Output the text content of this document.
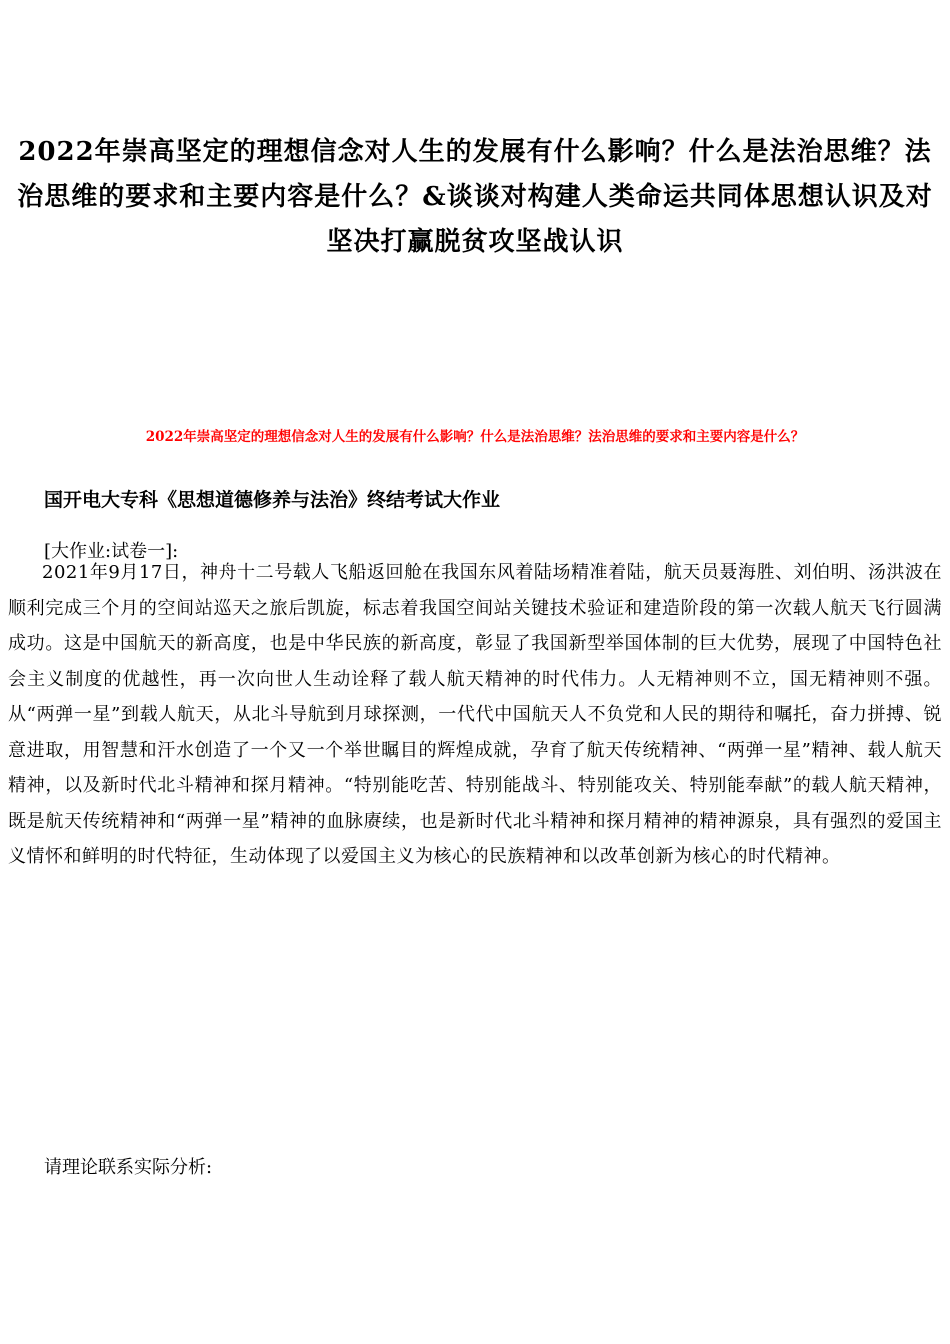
2022年崇高坚定的理想信念对人生的发展有什么影响？什么是法治思维？法治思维的要求和主要内容是什么？&谈谈对构建人类命运共同体思想认识及对坚决打赢脱贫攻坚战认识
2022年崇高坚定的理想信念对人生的发展有什么影响？什么是法治思维？法治思维的要求和主要内容是什么？
国开电大专科《思想道德修养与法治》终结考试大作业
[大作业:试卷一]:
2021年9月17日，神舟十二号载人飞船返回舱在我国东风着陆场精准着陆，航天员聂海胜、刘伯明、汤洪波在顺利完成三个月的空间站巡天之旅后凯旋，标志着我国空间站关键技术验证和建造阶段的第一次载人航天飞行圆满成功。这是中国航天的新高度，也是中华民族的新高度，彰显了我国新型举国体制的巨大优势，展现了中国特色社会主义制度的优越性，再一次向世人生动诠释了载人航天精神的时代伟力。人无精神则不立，国无精神则不强。从“两弹一星”到载人航天，从北斗导航到月球探测，一代代中国航天人不负党和人民的期待和嘱托，奋力拼搏、锐意进取，用智慧和汗水创造了一个又一个举世瞩目的辉煌成就，孕育了航天传统精神、“两弹一星”精神、载人航天精神，以及新时代北斗精神和探月精神。“特别能吃苦、特别能战斗、特别能攻关、特别能奉献”的载人航天精神，既是航天传统精神和“两弹一星”精神的血脉赓续，也是新时代北斗精神和探月精神的精神源泉，具有强烈的爱国主义情怀和鲜明的时代特征，生动体现了以爱国主义为核心的民族精神和以改革创新为核心的时代精神。
请理论联系实际分析:
